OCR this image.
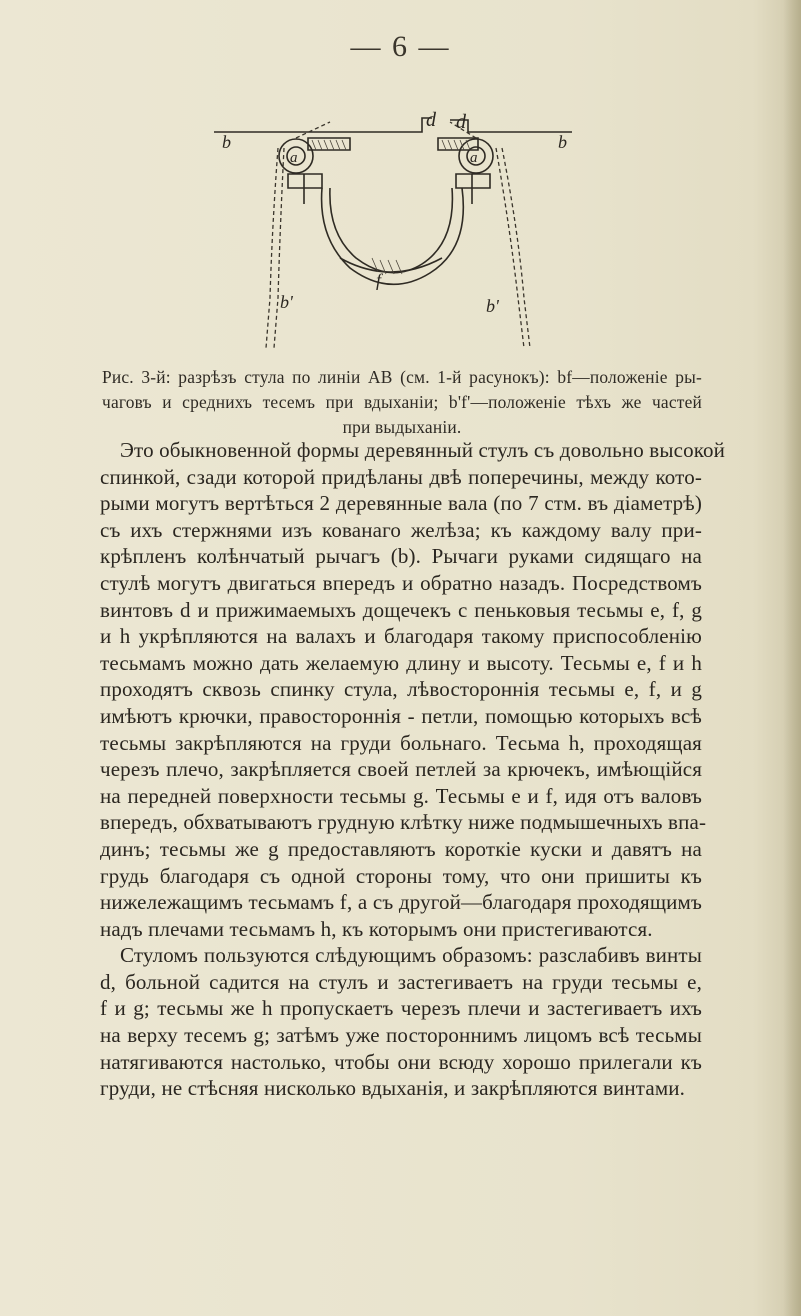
— 6 —
b	b
d d
a	a
f
b'	b'
Рис. 3-й: разрѣзъ стула по линіи АВ (см. 1-й расунокъ): bf—положеніе ры-
чаговъ и среднихъ тесемъ при вдыханіи; b'f'—положеніе тѣхъ же частей
при выдыханіи.
Это обыкновенной формы деревянный стулъ съ довольно высокой
спинкой, сзади которой придѣланы двѣ поперечины, между кото-
рыми могутъ вертѣться 2 деревянные вала (по 7 стм. въ діаметрѣ)
съ ихъ стержнями изъ кованаго желѣза; къ каждому валу при-
крѣпленъ колѣнчатый рычагъ (b). Рычаги руками сидящаго на
стулѣ могутъ двигаться впередъ и обратно назадъ. Посредствомъ
винтовъ d и прижимаемыхъ дощечекъ с пеньковыя тесьмы е, f, g
и h укрѣпляются на валахъ и благодаря такому приспособленію
тесьмамъ можно дать желаемую длину и высоту. Тесьмы е, f и h
проходятъ сквозь спинку стула, лѣвостороннія тесьмы е, f, и g
имѣютъ крючки, правостороннія - петли, помощью которыхъ всѣ
тесьмы закрѣпляются на груди больнаго. Тесьма h, проходящая
черезъ плечо, закрѣпляется своей петлей за крючекъ, имѣющійся
на передней поверхности тесьмы g. Тесьмы е и f, идя отъ валовъ
впередъ, обхватываютъ грудную клѣтку ниже подмышечныхъ впа-
динъ; тесьмы же g предоставляютъ короткіе куски и давятъ на
грудь благодаря съ одной стороны тому, что они пришиты къ
нижележащимъ тесьмамъ f, а съ другой—благодаря проходящимъ
надъ плечами тесьмамъ h, къ которымъ они пристегиваются.
Стуломъ пользуются слѣдующимъ образомъ: разслабивъ винты
d, больной садится на стулъ и застегиваетъ на груди тесьмы е,
f и g; тесьмы же h пропускаетъ черезъ плечи и застегиваетъ ихъ
на верху тесемъ g; затѣмъ уже постороннимъ лицомъ всѣ тесьмы
натягиваются настолько, чтобы они всюду хорошо прилегали къ
груди, не стѣсняя нисколько вдыханія, и закрѣпляются винтами.
